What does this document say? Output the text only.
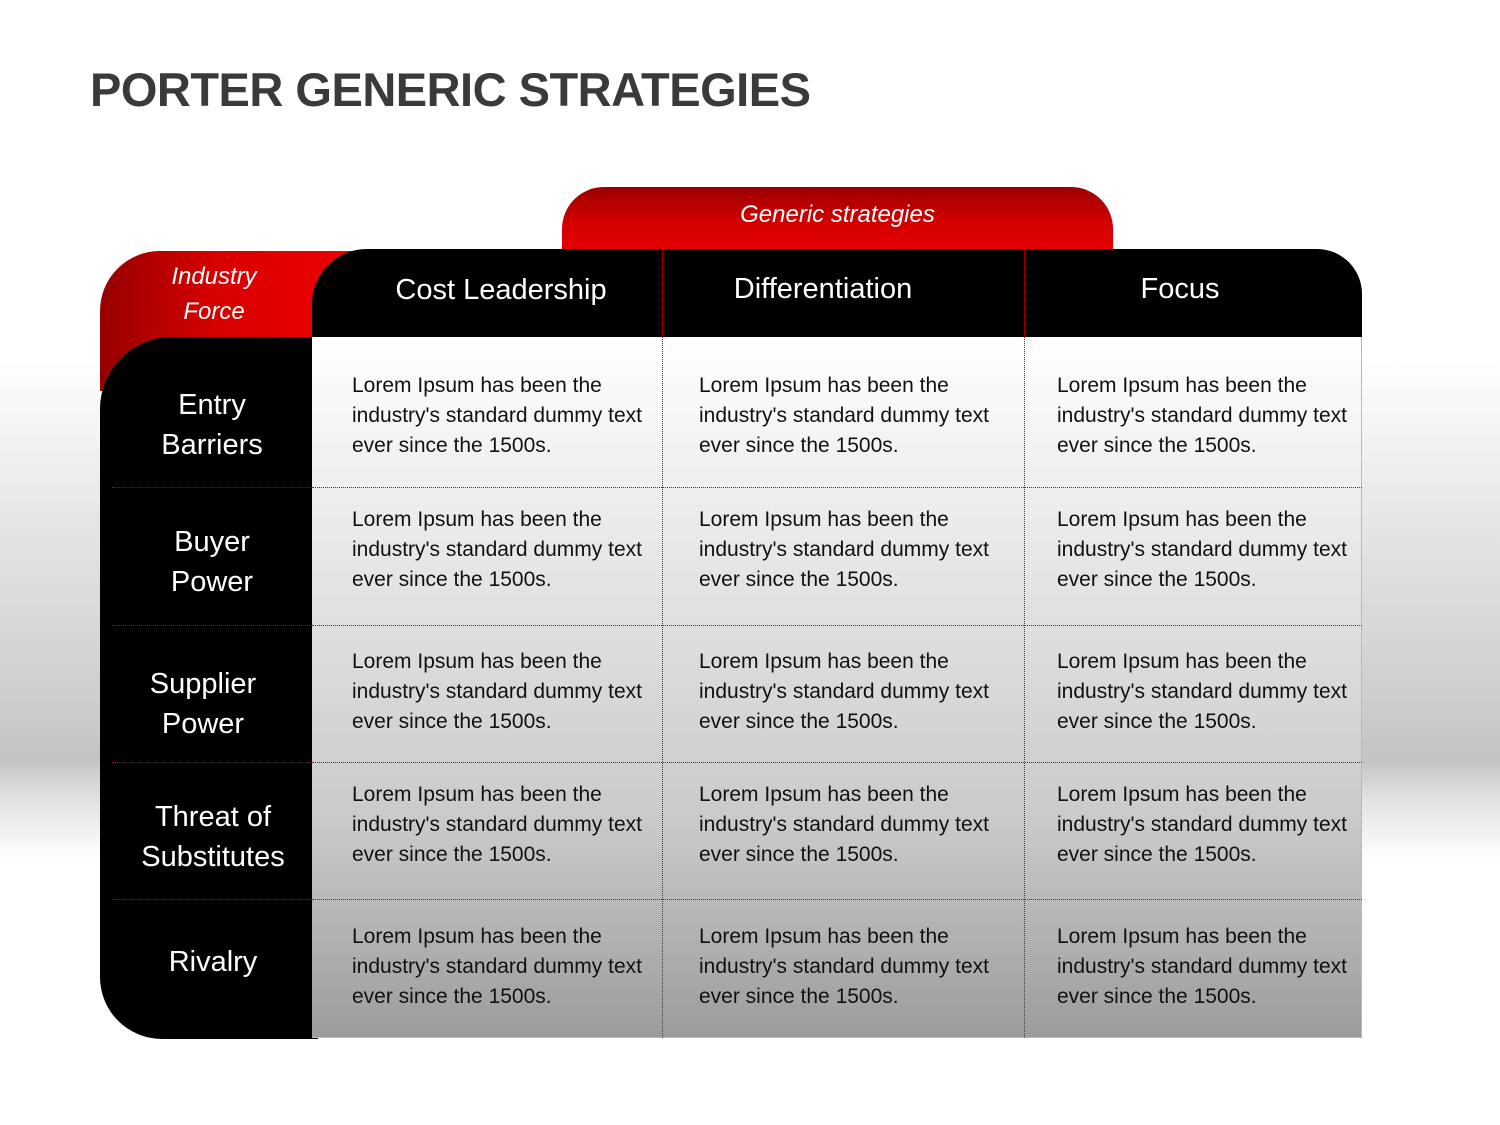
PORTER GENERIC STRATEGIES
Generic strategies
Industry
Force
Cost Leadership	Differentiation	Focus
Entry
Barriers
Buyer
Power
Supplier
Power
Threat of
Substitutes
Rivalry
Lorem Ipsum has been the industry's standard dummy text ever since the 1500s.
Lorem Ipsum has been the industry's standard dummy text ever since the 1500s.
Lorem Ipsum has been the industry's standard dummy text ever since the 1500s.
Lorem Ipsum has been the industry's standard dummy text ever since the 1500s.
Lorem Ipsum has been the industry's standard dummy text ever since the 1500s.
Lorem Ipsum has been the industry's standard dummy text ever since the 1500s.
Lorem Ipsum has been the industry's standard dummy text ever since the 1500s.
Lorem Ipsum has been the industry's standard dummy text ever since the 1500s.
Lorem Ipsum has been the industry's standard dummy text ever since the 1500s.
Lorem Ipsum has been the industry's standard dummy text ever since the 1500s.
Lorem Ipsum has been the industry's standard dummy text ever since the 1500s.
Lorem Ipsum has been the industry's standard dummy text ever since the 1500s.
Lorem Ipsum has been the industry's standard dummy text ever since the 1500s.
Lorem Ipsum has been the industry's standard dummy text ever since the 1500s.
Lorem Ipsum has been the industry's standard dummy text ever since the 1500s.
